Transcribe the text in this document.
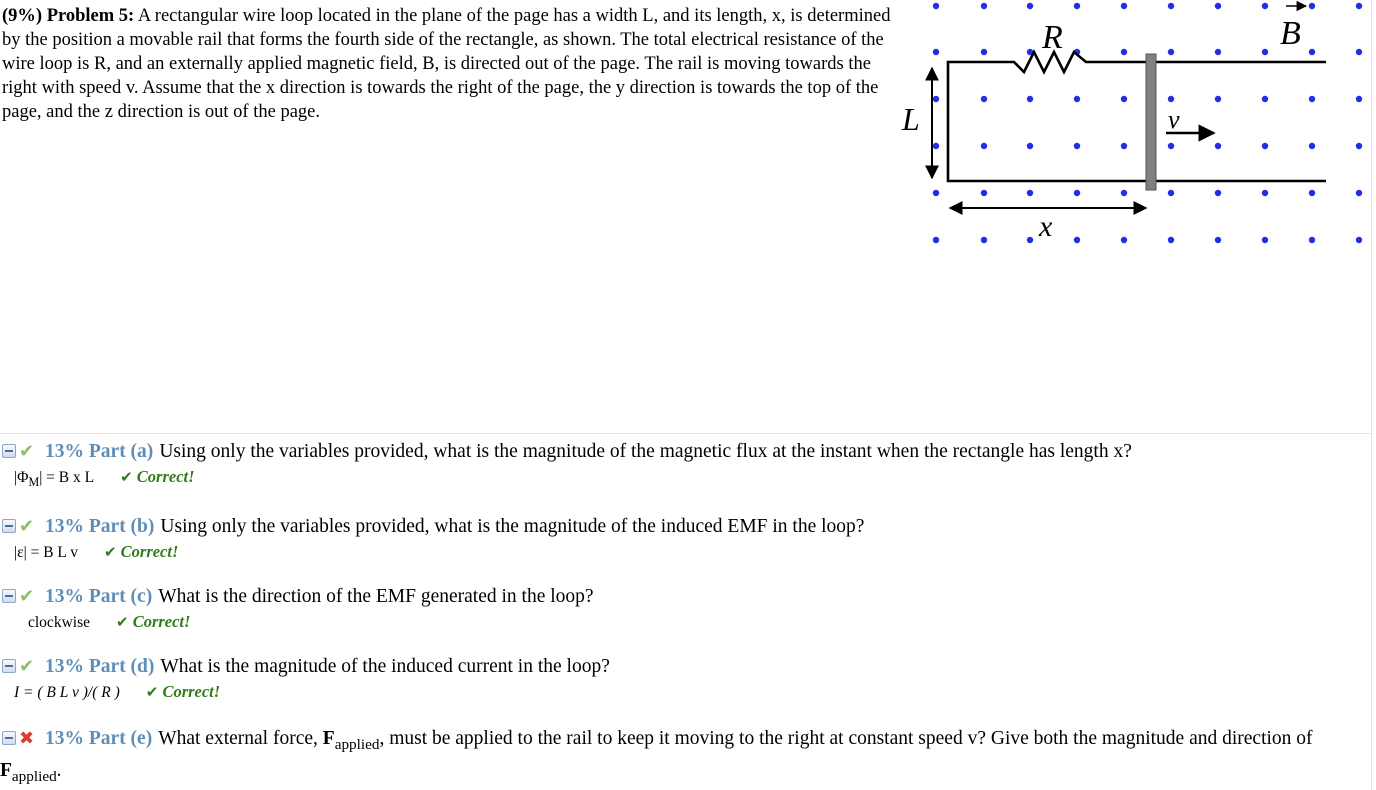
(9%) Problem 5: A rectangular wire loop located in the plane of the page has a width L, and its length, x, is determined by the position a movable rail that forms the fourth side of the rectangle, as shown. The total electrical resistance of the wire loop is R, and an externally applied magnetic field, B, is directed out of the page. The rail is moving towards the right with speed v. Assume that the x direction is towards the right of the page, the y direction is towards the top of the page, and the z direction is out of the page.
R	B
L	v
x
✔ 13% Part (a) Using only the variables provided, what is the magnitude of the magnetic flux at the instant when the rectangle has length x?
$|\Phi_M| = B$ x L ✔ Correct!
✔ 13% Part (b) Using only the variables provided, what is the magnitude of the induced EMF in the loop?
|ε| = B L v ✔ Correct!
✔ 13% Part (c) What is the direction of the EMF generated in the loop?
clockwise ✔ Correct!
✔ 13% Part (d) What is the magnitude of the induced current in the loop?
I = ( B L v )/( R ) ✔ Correct!
✖ 13% Part (e) What external force, $F_{applied}$, must be applied to the rail to keep it moving to the right at constant speed v? Give both the magnitude and direction of $F_{applied}$.
